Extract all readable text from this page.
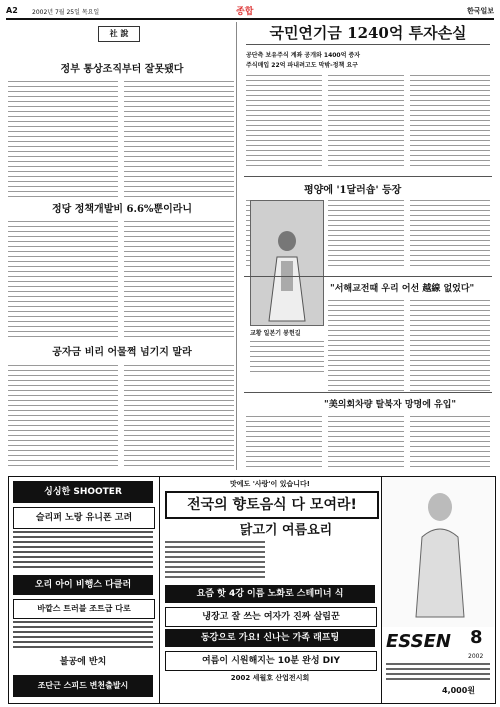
A2 2002년 7월 25일 목요일	종합	한국일보
社 說
정부 통상조직부터 잘못됐다
정당 정책개발비 6.6%뿐이라니
공자금 비리 어물쩍 넘기지 말라
국민연기금 1240억 투자손실
공단측 보유주식 계좌 공개와 1400억 증자
주식매입 22억 파내려고도 막밖-정책 요구
평양에 '1달러숍' 등장
교황 일본기 봉헌길
"서해교전때 우리 어선 越線 없었다"
"美의회차량 탈북자 망명에 유입"
싱싱한 SHOOTER
슬리퍼 노랑 유니폰 고려
오리 아이 비행스 다클러
바깥스 트러블 조트급 다로
불공에 반치
조단근 스피드 변천출발시
맛에도 '사랑'이 있습니다!
전국의 향토음식 다 모여라!
닭고기 여름요리
요즘 핫 4강 이름 노화로 스테미너 식
냉장고 잘 쓰는 여자가 진짜 살림꾼
동강으로 가요! 신나는 가족 래프팅
여름이 시원해지는 10분 완성 DIY
2002 세월호 산업전시회
ESSEN	8
2002
4,000원
